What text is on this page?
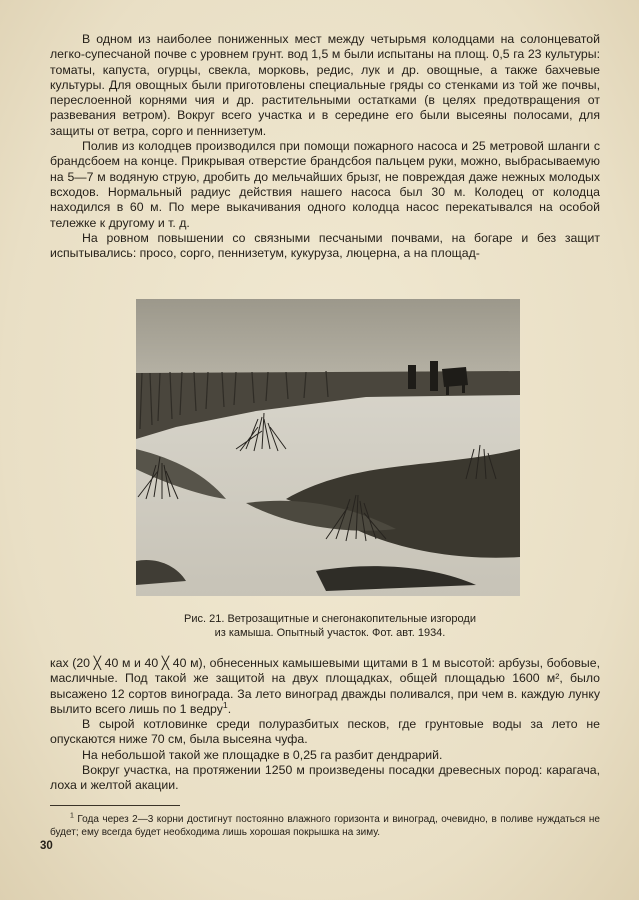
В одном из наиболее пониженных мест между четырьмя колодцами на солонцеватой легко-супесчаной почве с уровнем грунт. вод 1,5 м были испытаны на площ. 0,5 га 23 культуры: томаты, капуста, огурцы, свекла, морковь, редис, лук и др. овощные, а также бахчевые культуры. Для овощных были приготовлены специальные гряды со стенками из той же почвы, переслоенной корнями чия и др. растительными остатками (в целях предотвращения от развевания ветром). Вокруг всего участка и в середине его были высеяны полосами, для защиты от ветра, сорго и пеннизетум.

Полив из колодцев производился при помощи пожарного насоса и 25 метровой шланги с брандсбоем на конце. Прикрывая отверстие брандсбоя пальцем руки, можно, выбрасываемую на 5—7 м водяную струю, дробить до мельчайших брызг, не повреждая даже нежных молодых всходов. Нормальный радиус действия нашего насоса был 30 м. Колодец от колодца находился в 60 м. По мере выкачивания одного колодца насос перекатывался на особой тележке к другому и т. д.

На ровном повышении со связными песчаными почвами, на богаре и без защит испытывались: просо, сорго, пеннизетум, кукуруза, люцерна, а на площад-

Рис. 21. Ветрозащитные и снегонакопительные изгороди
из камыша. Опытный участок. Фот. авт. 1934.

ках (20 ╳ 40 м и 40 ╳ 40 м), обнесенных камышевыми щитами в 1 м высотой: арбузы, бобовые, масличные. Под такой же защитой на двух площадках, общей площадью 1600 м², было высажено 12 сортов винограда. За лето виноград дважды поливался, при чем в. каждую лунку вылито всего лишь по 1 ведру$^1$.

В сырой котловинке среди полуразбитых песков, где грунтовые воды за лето не опускаются ниже 70 см, была высеяна чуфа.

На небольшой такой же площадке в 0,25 га разбит дендрарий.

Вокруг участка, на протяжении 1250 м произведены посадки древесных пород: карагача, лоха и желтой акации.

$^1$ Года через 2—3 корни достигнут постоянно влажного горизонта и виноград, очевидно, в поливе нуждаться не будет; ему всегда будет необходима лишь хорошая покрышка на зиму.
30
